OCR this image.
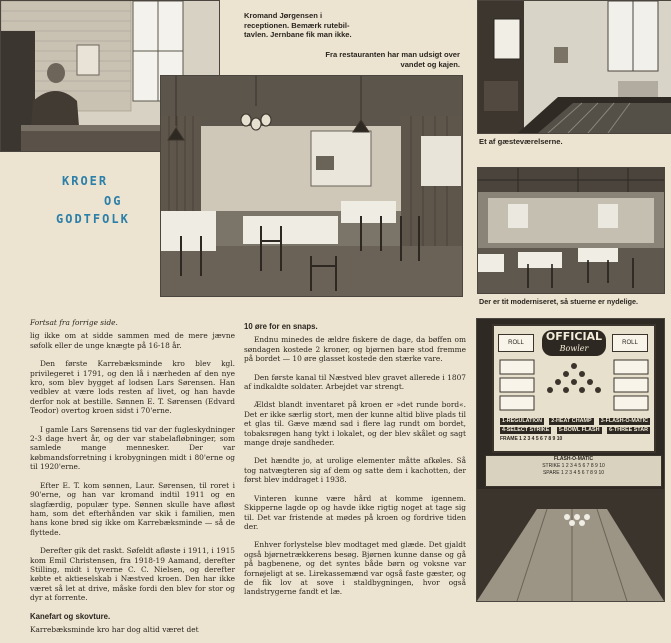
Kromand Jørgensen i
receptionen. Bemærk rutebil-
tavlen. Jernbane fik man ikke.
Fra restauranten har man udsigt over
vandet og kajen.
KROER
OG
GODTFOLK
Et af gæsteværelserne.
Der er tit moderniseret, så stuerne er nydelige.
OFFICIAL
Bowler
ROLL	ROLL
1-REGULATION	2-HEAT CHAMP	3-FLASH-O-MATIC
4-SELECT STRIKE	5-BOWL FLASH	6-THREE STAR
FRAME 1 2 3 4 5 6 7 8 9 10
FLASH-O-MATIC
STRIKE 1 2 3 4 5 6 7 8 9 10
SPARE 1 2 3 4 5 6 7 8 9 10
Fortsat fra forrige side.

lig ikke om at sidde sammen med de mere jævne søfolk eller de unge knægte på 16-18 år.

Den første Karrebæksminde kro blev kgl. privilegeret i 1791, og den lå i nærheden af den nye kro, som blev bygget af lodsen Lars Sørensen. Han vedblev at være lods resten af livet, og han havde derfor nok at bestille. Sønnen E. T. Sørensen (Edvard Teodor) overtog kroen sidst i 70'erne.

I gamle Lars Sørensens tid var der fugleskydninger 2-3 dage hvert år, og der var stabelafløbninger, som samlede mange mennesker. Der var købmandsforretning i krobygningen midt i 80'erne og til 1920'erne.

Efter E. T. kom sønnen, Laur. Sørensen, til roret i 90'erne, og han var kromand indtil 1911 og en slagfærdig, populær type. Sønnen skulle have afløst ham, som det efterhånden var skik i familien, men hans kone brød sig ikke om Karrebæksminde — så de flyttede.

Derefter gik det raskt. Søfeldt afløste i 1911, i 1915 kom Emil Christensen, fra 1918-19 Aamand, derefter Stilling, midt i tyverne C. C. Nielsen, og derefter købte et aktieselskab i Næstved kroen. Den har ikke været så let at drive, måske fordi den blev for stor og dyr at forrente.

Kanefart og skovture.

Karrebæksminde kro har dog altid været det

10 øre for en snaps.

Endnu minedes de ældre fiskere de dage, da bøffen om søndagen kostede 2 kroner, og bjørnen bare stod fremme på bordet — 10 øre glasset kostede den stærke vare.

Den første kanal til Næstved blev gravet allerede i 1807 af indkaldte soldater. Arbejdet var strengt.

Ældst blandt inventaret på kroen er »det runde bord«. Det er ikke særlig stort, men der kunne altid blive plads til et glas til. Gæve mænd sad i flere lag rundt om bordet, tobaksrøgen hang tykt i lokalet, og der blev skålet og sagt mange drøje sandheder.

Det hændte jo, at urolige elementer måtte afkøles. Så tog natvægteren sig af dem og satte dem i kachotten, der først blev inddraget i 1938.

Vinteren kunne være hård at komme igennem. Skipperne lagde op og havde ikke rigtig noget at tage sig til. Det var fristende at mødes på kroen og fordrive tiden der.

Enhver forlystelse blev modtaget med glæde. Det gjaldt også bjørnetrækkerens besøg. Bjørnen kunne danse og gå på bagbenene, og det syntes både børn og voksne var fornøjeligt at se. Lirekassemænd var også faste gæster, og de fik lov at sove i staldbygningen, hvor også landstrygerne fandt et læ.
